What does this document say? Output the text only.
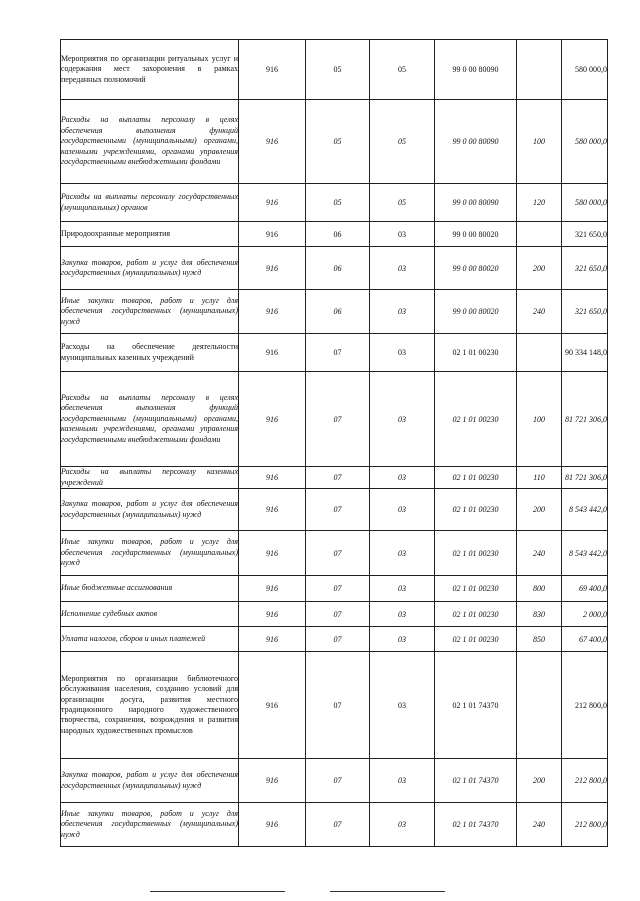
Мероприятия по организации ритуальных услуг и содержания мест захоронения в рамках переданных полномочий	916	05	05	99 0 00 80090		580 000,0
Расходы на выплаты персоналу в целях обеспечения выполнения функций государственными (муниципальными) органами, казенными учреждениями, органами управления государственными внебюджетными фондами	916	05	05	99 0 00 80090	100	580 000,0
Расходы на выплаты персоналу государственных (муниципальных) органов	916	05	05	99 0 00 80090	120	580 000,0
Природоохранные мероприятия	916	06	03	99 0 00 80020		321 650,0
Закупка товаров, работ и услуг для обеспечения государственных (муниципальных) нужд	916	06	03	99 0 00 80020	200	321 650,0
Иные закупки товаров, работ и услуг для обеспечения государственных (муниципальных) нужд	916	06	03	99 0 00 80020	240	321 650,0
Расходы на обеспечение деятельности муниципальных казенных учреждений	916	07	03	02 1 01 00230		90 334 148,0
Расходы на выплаты персоналу в целях обеспечения выполнения функций государственными (муниципальными) органами, казенными учреждениями, органами управления государственными внебюджетными фондами	916	07	03	02 1 01 00230	100	81 721 306,0
Расходы на выплаты персоналу казенных учреждений	916	07	03	02 1 01 00230	110	81 721 306,0
Закупка товаров, работ и услуг для обеспечения государственных (муниципальных) нужд	916	07	03	02 1 01 00230	200	8 543 442,0
Иные закупки товаров, работ и услуг для обеспечения государственных (муниципальных) нужд	916	07	03	02 1 01 00230	240	8 543 442,0
Иные бюджетные ассигнования	916	07	03	02 1 01 00230	800	69 400,0
Исполнение судебных актов	916	07	03	02 1 01 00230	830	2 000,0
Уплата налогов, сборов и иных платежей	916	07	03	02 1 01 00230	850	67 400,0
Мероприятия по организации библиотечного обслуживания населения, созданию условий для организации досуга, развития местного традиционного народного художественного творчества, сохранения, возрождения и развития народных художественных промыслов	916	07	03	02 1 01 74370		212 800,0
Закупка товаров, работ и услуг для обеспечения государственных (муниципальных) нужд	916	07	03	02 1 01 74370	200	212 800,0
Иные закупки товаров, работ и услуг для обеспечения государственных (муниципальных) нужд	916	07	03	02 1 01 74370	240	212 800,0
